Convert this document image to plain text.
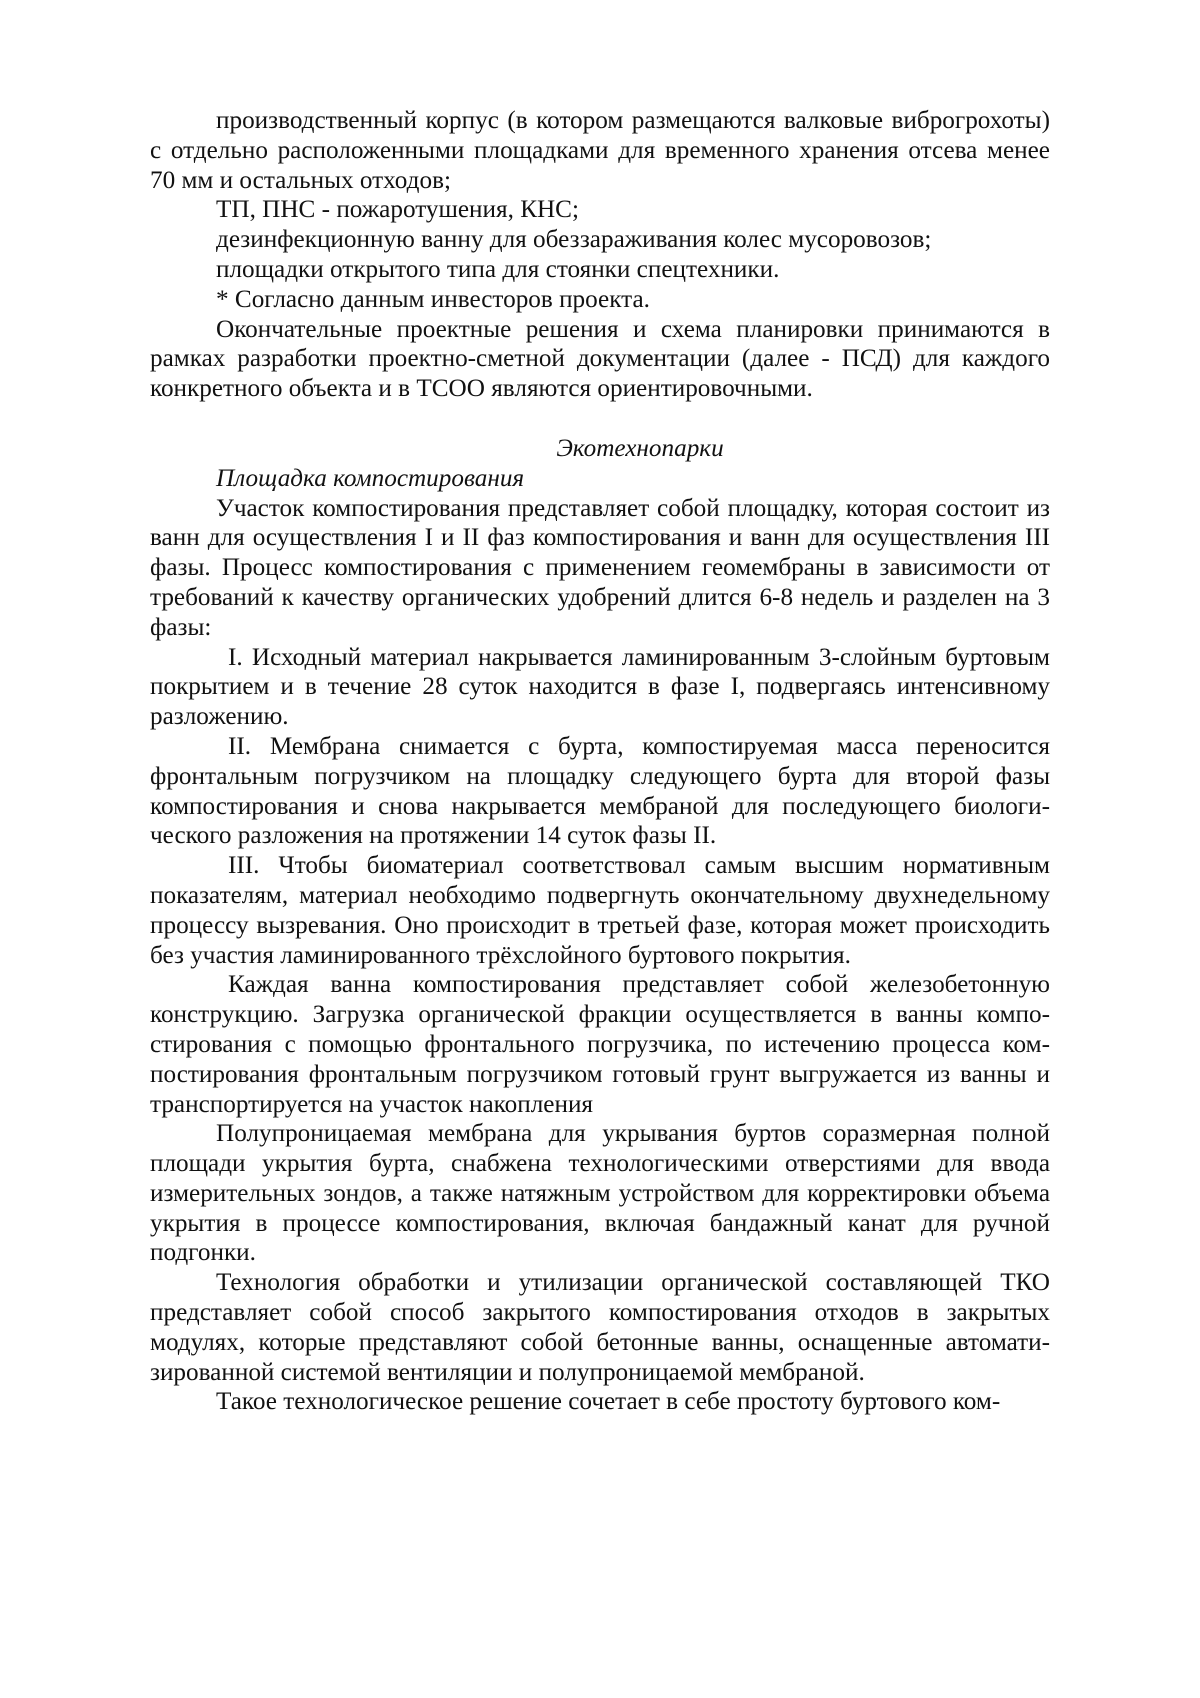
производственный корпус (в котором размещаются валковые виброгрохоты) с отдельно расположенными площадками для временного хранения отсева менее 70 мм и остальных отходов;

ТП, ПНС - пожаротушения, КНС;

дезинфекционную ванну для обеззараживания колес мусоровозов;

площадки открытого типа для стоянки спецтехники.

* Согласно данным инвесторов проекта.

Окончательные проектные решения и схема планировки принимаются в рамках разработки проектно-сметной документации (далее - ПСД) для каждого конкретного объекта и в ТСОО являются ориентировочными.

Экотехнопарки
Площадка компостирования

Участок компостирования представляет собой площадку, которая состоит из ванн для осуществления I и II фаз компостирования и ванн для осуществления III фазы. Процесс компостирования с применением геомембраны в зависимости от требований к качеству органических удобрений длится 6-8 недель и разделен на 3 фазы:

I. Исходный материал накрывается ламинированным 3-слойным буртовым покрытием и в течение 28 суток находится в фазе I, подвергаясь интенсивному разложению.

II. Мембрана снимается с бурта, компостируемая масса переносится фронтальным погрузчиком на площадку следующего бурта для второй фазы компостирования и снова накрывается мембраной для последующего биологического разложения на протяжении 14 суток фазы II.

III. Чтобы биоматериал соответствовал самым высшим нормативным показателям, материал необходимо подвергнуть окончательному двухнедельному процессу вызревания. Оно происходит в третьей фазе, которая может происходить без участия ламинированного трёхслойного буртового покрытия.

Каждая ванна компостирования представляет собой железобетонную конструкцию. Загрузка органической фракции осуществляется в ванны компостирования с помощью фронтального погрузчика, по истечению процесса компостирования фронтальным погрузчиком готовый грунт выгружается из ванны и транспортируется на участок накопления

Полупроницаемая мембрана для укрывания буртов соразмерная полной площади укрытия бурта, снабжена технологическими отверстиями для ввода измерительных зондов, а также натяжным устройством для корректировки объема укрытия в процессе компостирования, включая бандажный канат для ручной подгонки.

Технология обработки и утилизации органической составляющей ТКО представляет собой способ закрытого компостирования отходов в закрытых модулях, которые представляют собой бетонные ванны, оснащенные автоматизированной системой вентиляции и полупроницаемой мембраной.

Такое технологическое решение сочетает в себе простоту буртового ком-
